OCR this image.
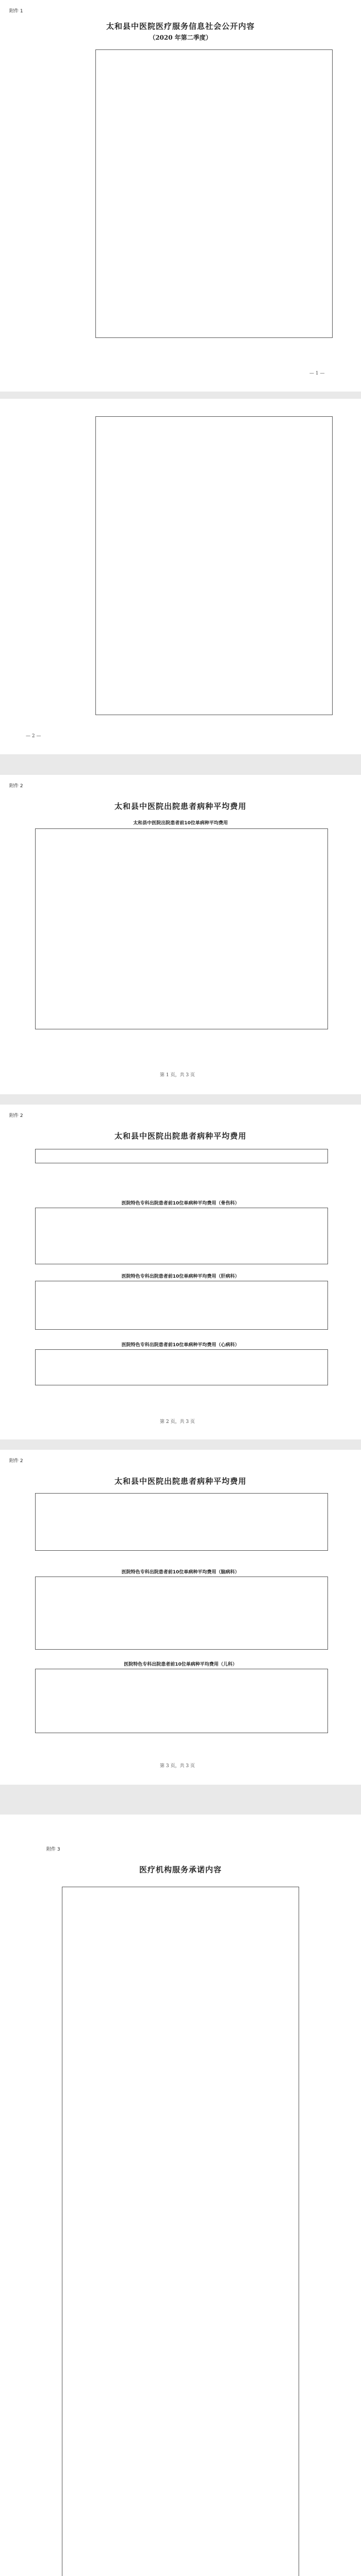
附件 1
太和县中医院医疗服务信息社会公开内容
（2020 年第二季度）
— 1 —
— 2 —
附件 2
太和县中医院出院患者病种平均费用
太和县中医院出院患者前10位单病种平均费用
第 1 页，共 3 页
附件 2
太和县中医院出院患者病种平均费用
医院特色专科出院患者前10位单病种平均费用（骨伤科）
医院特色专科出院患者前10位单病种平均费用（肝病科）
医院特色专科出院患者前10位单病种平均费用（心病科）
第 2 页，共 3 页
附件 2
太和县中医院出院患者病种平均费用
医院特色专科出院患者前10位单病种平均费用（脑病科）
医院特色专科出院患者前10位单病种平均费用（儿科）
第 3 页，共 3 页
附件 3
医疗机构服务承诺内容
